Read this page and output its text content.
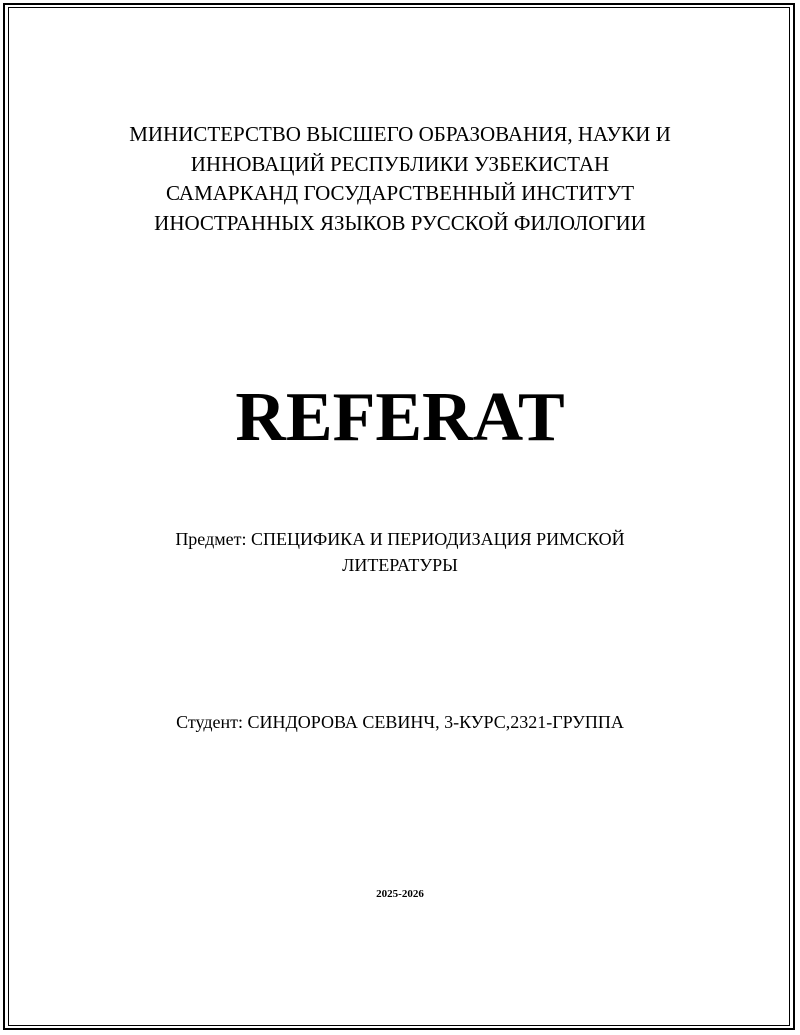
МИНИСТЕРСТВО ВЫСШЕГО ОБРАЗОВАНИЯ, НАУКИ И
ИННОВАЦИЙ РЕСПУБЛИКИ УЗБЕКИСТАН
САМАРКАНД ГОСУДАРСТВЕННЫЙ ИНСТИТУТ
ИНОСТРАННЫХ ЯЗЫКОВ РУССКОЙ ФИЛОЛОГИИ
REFERAT
Предмет: СПЕЦИФИКА И ПЕРИОДИЗАЦИЯ РИМСКОЙ
ЛИТЕРАТУРЫ
Студент: СИНДОРОВА СЕВИНЧ, 3-КУРС,2321-ГРУППА
2025-2026
